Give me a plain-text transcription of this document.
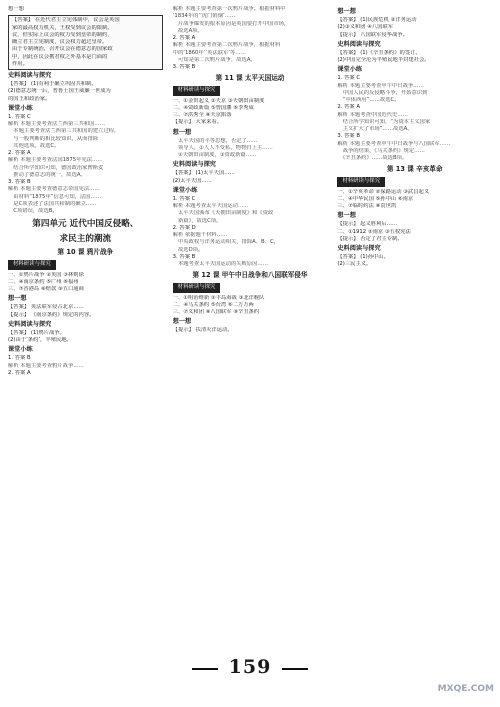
想一想
【答案】 在近代君主立宪体制中，议会是英国
家的最高权力机关，王权受到议会的限制。
议，但实际上议会的权力受到皇帝的制约，
确立君主立宪制度，议会权力超过皇帝。
由于专制统治，召开议会在德意志的国家政
中，因此在议会携君权之外基本是门面的
作用。
史料阅读与探究
【答案】 (1)有利于确立巩固共和制。
(2)德意志统一后，普鲁士国王威廉一世成为
的国王和政治家。
课堂小练
1. 答案 C
解析 本题主要考查法兰西第三共和国……
　本题主要考查法兰西第三共和国的建立过程，
　与一般判断的相比较知识，从而排除
　其他选项。故选C。
2. 答案 A
解析 本题主要考查法国1875年宪法……
　结合所学知识可知，德国政治家俾斯麦
　推动了德意志的统一，故选A。
3. 答案 B
解析 本题主要考查德意志帝国宪法……
　由材料“1875年”信息可知，法国……
　是C项表述了法国共和制的确立……
　C项错误，故选B。
第四单元 近代中国反侵略、
求民主的潮流
第 10 课 鸦片战争
材料研读与探究
一、①鸦片战争 ②英国 ③林则徐
二、④南京条约 ⑤广州 ⑥福州
三、⑦香港岛 ⑧赔款 ⑨五口通商
想一想
【答案】 英法联军侵占北京……
【提示】 《南京条约》规定的内容。
史料阅读与探究
【答案】 (1)鸦片战争。
(2)由于‘条约’，半殖民地。
课堂小练
1. 答案 B
解析 本题主要考查鸦片战争……
2. 答案 A
解析 本题主要考查第一次鸦片战争。根据材料中
‘1834年的’‘虎门销烟’……
　片战争爆发的根本原因是英国要打开中国市场，
　故选A项。
2. 答案 A
解析 本题主要考查第二次鸦片战争，根据材料
中的‘1860年’‘英法联军’等……
　可知是第二次鸦片战争，故选A。
3. 答案 B
第 11 课 太平天国运动
材料研读与探究
一、①金田起义 ②天京 ③天朝田亩制度
二、④资政新篇 ⑤曾国藩 ⑥李秀成
三、⑦洪秀全 ⑧天京陷落
【提示】 大家来看。
想一想
　太平天国的平等思想，否定了……
　领导人，①人人不受私，物物归上主……
　②天朝田亩制度，③资政新篇……
史料阅读与探究
【答案】 (1)太平天国……
(2)太平天国……
课堂小练
1. 答案 C
解析 本题考查太平天国运动……
　太平天国颁布《天朝田亩制度》和《资政
　新篇》，故选C项。
2. 答案 D
解析 依据题干材料……
　中央政权与洋务运动相关，排除A、B、C，
　故选D项。
3. 答案 B
　本题考查太平天国运动的失败原因……
第 12 课 甲午中日战争和八国联军侵华
材料研读与探究
一、①明治维新 ②丰岛海战 ③北洋舰队
二、④马关条约 ⑤台湾 ⑥二万万两
三、⑦义和团 ⑧八国联军 ⑨辛丑条约
想一想
【提示】 扶清灭洋运动。
想一想
【答案】 (1)民族危机 ②洋务运动
(2)③义和团 ④八国联军
【提示】 八国联军侵华战争。
史料阅读与探究
【答案】 (1)《辛丑条约》的签订。
(2)中国完全沦为半殖民地半封建社会。
课堂小练
1. 答案 C
解析 本题主要考查甲午中日战争……
　中国人民的反侵略斗争，开始意识到
　“中体西用”……故选C。
2. 答案 A
解析 本题考查中国近代史……
　结合所学知识可知，“为资本主义国家
　主义扩大了市场”……故选A。
3. 答案 B
解析 本题主要考查甲午中日战争与八国联军……
　战争的结果，《马关条约》规定……
　《辛丑条约》……故选B项。
第 13 课 辛亥革命
材料研读与探究
一、①辛亥革命 ②保路运动 ③武昌起义
二、④中华民国 ⑤孙中山 ⑥南京
三、⑦临时约法 ⑧袁世凯
想一想
【提示】 起义胜利后……
二、①1912 ②南京 ③五权宪法
【提示】 否定了君主专制。
史料阅读与探究
【答案】 (1)孙中山。
(2)三民主义。
159
MXQE.COM
